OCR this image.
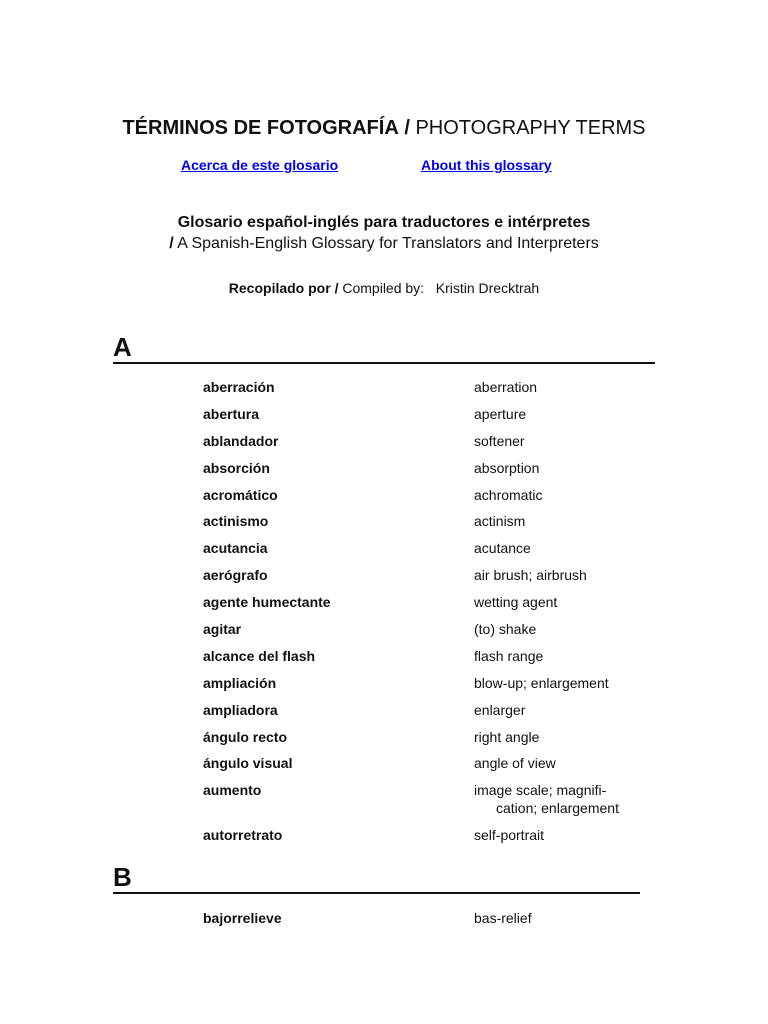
TÉRMINOS DE FOTOGRAFÍA / PHOTOGRAPHY TERMS
Acerca de este glosario	About this glossary
Glosario español-inglés para traductores e intérpretes
/ A Spanish-English Glossary for Translators and Interpreters
Recopilado por / Compiled by: Kristin Drecktrah
A
aberración	aberration
abertura	aperture
ablandador	softener
absorción	absorption
acromático	achromatic
actinismo	actinism
acutancia	acutance
aerógrafo	air brush; airbrush
agente humectante	wetting agent
agitar	(to) shake
alcance del flash	flash range
ampliación	blow-up; enlargement
ampliadora	enlarger
ángulo recto	right angle
ángulo visual	angle of view
aumento	image scale; magnifi-
cation; enlargement
autorretrato	self-portrait
B
bajorrelieve	bas-relief
